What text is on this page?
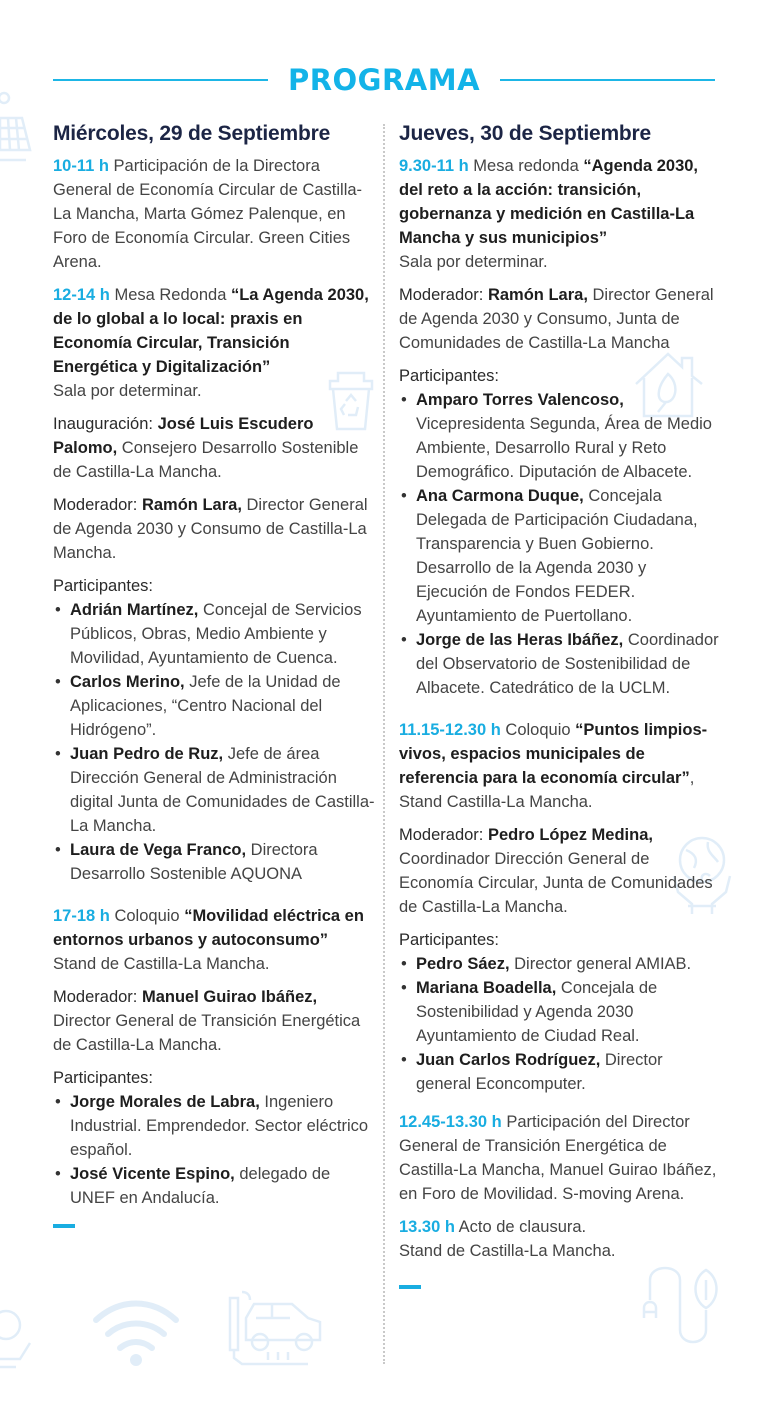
PROGRAMA
Miércoles, 29 de Septiembre
10-11 h Participación de la Directora General de Economía Circular de Castilla-La Mancha, Marta Gómez Palenque, en Foro de Economía Circular. Green Cities Arena.
12-14 h Mesa Redonda “La Agenda 2030, de lo global a lo local: praxis en Economía Circular, Transición Energética y Digitalización”
Sala por determinar.
Inauguración: José Luis Escudero Palomo, Consejero Desarrollo Sostenible de Castilla-La Mancha.
Moderador: Ramón Lara, Director General de Agenda 2030 y Consumo de Castilla-La Mancha.
Participantes:
• Adrián Martínez, Concejal de Servicios Públicos, Obras, Medio Ambiente y Movilidad, Ayuntamiento de Cuenca.
• Carlos Merino, Jefe de la Unidad de Aplicaciones, “Centro Nacional del Hidrógeno”.
• Juan Pedro de Ruz, Jefe de área Dirección General de Administración digital Junta de Comunidades de Castilla-La Mancha.
• Laura de Vega Franco, Directora Desarrollo Sostenible AQUONA
17-18 h Coloquio “Movilidad eléctrica en entornos urbanos y autoconsumo”
Stand de Castilla-La Mancha.
Moderador: Manuel Guirao Ibáñez, Director General de Transición Energética de Castilla-La Mancha.
Participantes:
• Jorge Morales de Labra, Ingeniero Industrial. Emprendedor. Sector eléctrico español.
• José Vicente Espino, delegado de UNEF en Andalucía.
Jueves, 30 de Septiembre
9.30-11 h Mesa redonda “Agenda 2030, del reto a la acción: transición, gobernanza y medición en Castilla-La Mancha y sus municipios”
Sala por determinar.
Moderador: Ramón Lara, Director General de Agenda 2030 y Consumo, Junta de Comunidades de Castilla-La Mancha
Participantes:
• Amparo Torres Valencoso, Vicepresidenta Segunda, Área de Medio Ambiente, Desarrollo Rural y Reto Demográfico. Diputación de Albacete.
• Ana Carmona Duque, Concejala Delegada de Participación Ciudadana, Transparencia y Buen Gobierno. Desarrollo de la Agenda 2030 y Ejecución de Fondos FEDER. Ayuntamiento de Puertollano.
• Jorge de las Heras Ibáñez, Coordinador del Observatorio de Sostenibilidad de Albacete. Catedrático de la UCLM.
11.15-12.30 h Coloquio “Puntos limpios-vivos, espacios municipales de referencia para la economía circular”,
Stand Castilla-La Mancha.
Moderador: Pedro López Medina, Coordinador Dirección General de Economía Circular, Junta de Comunidades de Castilla-La Mancha.
Participantes:
• Pedro Sáez, Director general AMIAB.
• Mariana Boadella, Concejala de Sostenibilidad y Agenda 2030 Ayuntamiento de Ciudad Real.
• Juan Carlos Rodríguez, Director general Econcomputer.
12.45-13.30 h Participación del Director General de Transición Energética de Castilla-La Mancha, Manuel Guirao Ibáñez, en Foro de Movilidad. S-moving Arena.
13.30 h Acto de clausura.
Stand de Castilla-La Mancha.
